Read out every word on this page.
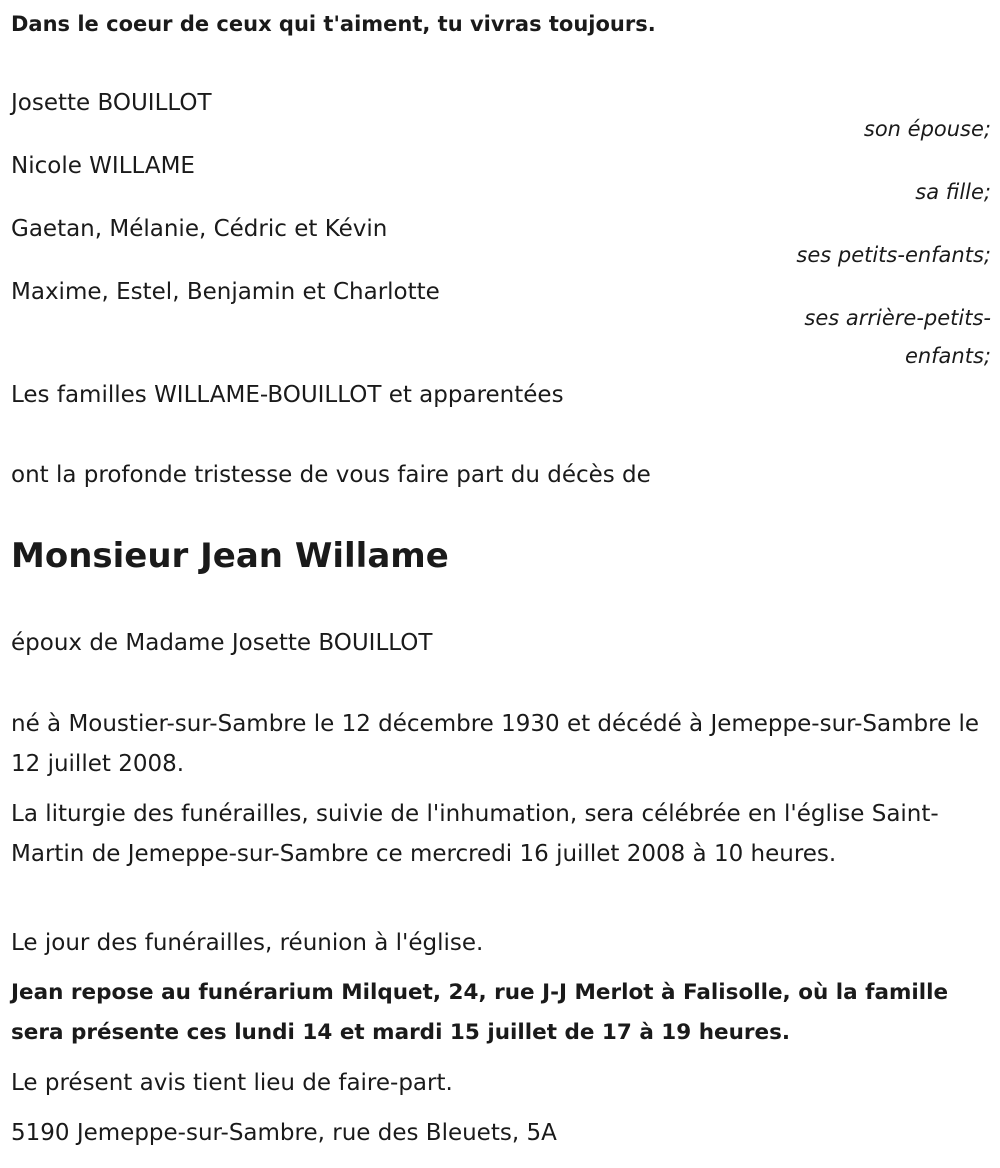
Dans le coeur de ceux qui t'aiment, tu vivras toujours.
Josette BOUILLOT
son épouse;
Nicole WILLAME
sa fille;
Gaetan, Mélanie, Cédric et Kévin
ses petits-enfants;
Maxime, Estel, Benjamin et Charlotte
ses arrière-petits-
enfants;
Les familles WILLAME-BOUILLOT et apparentées
ont la profonde tristesse de vous faire part du décès de
Monsieur Jean Willame
époux de Madame Josette BOUILLOT
né à Moustier-sur-Sambre le 12 décembre 1930 et décédé à Jemeppe-sur-Sambre le 12 juillet 2008.
La liturgie des funérailles, suivie de l'inhumation, sera célébrée en l'église Saint-Martin de Jemeppe-sur-Sambre ce mercredi 16 juillet 2008 à 10 heures.
Le jour des funérailles, réunion à l'église.
Jean repose au funérarium Milquet, 24, rue J-J Merlot à Falisolle, où la famille sera présente ces lundi 14 et mardi 15 juillet de 17 à 19 heures.
Le présent avis tient lieu de faire-part.
5190 Jemeppe-sur-Sambre, rue des Bleuets, 5A
